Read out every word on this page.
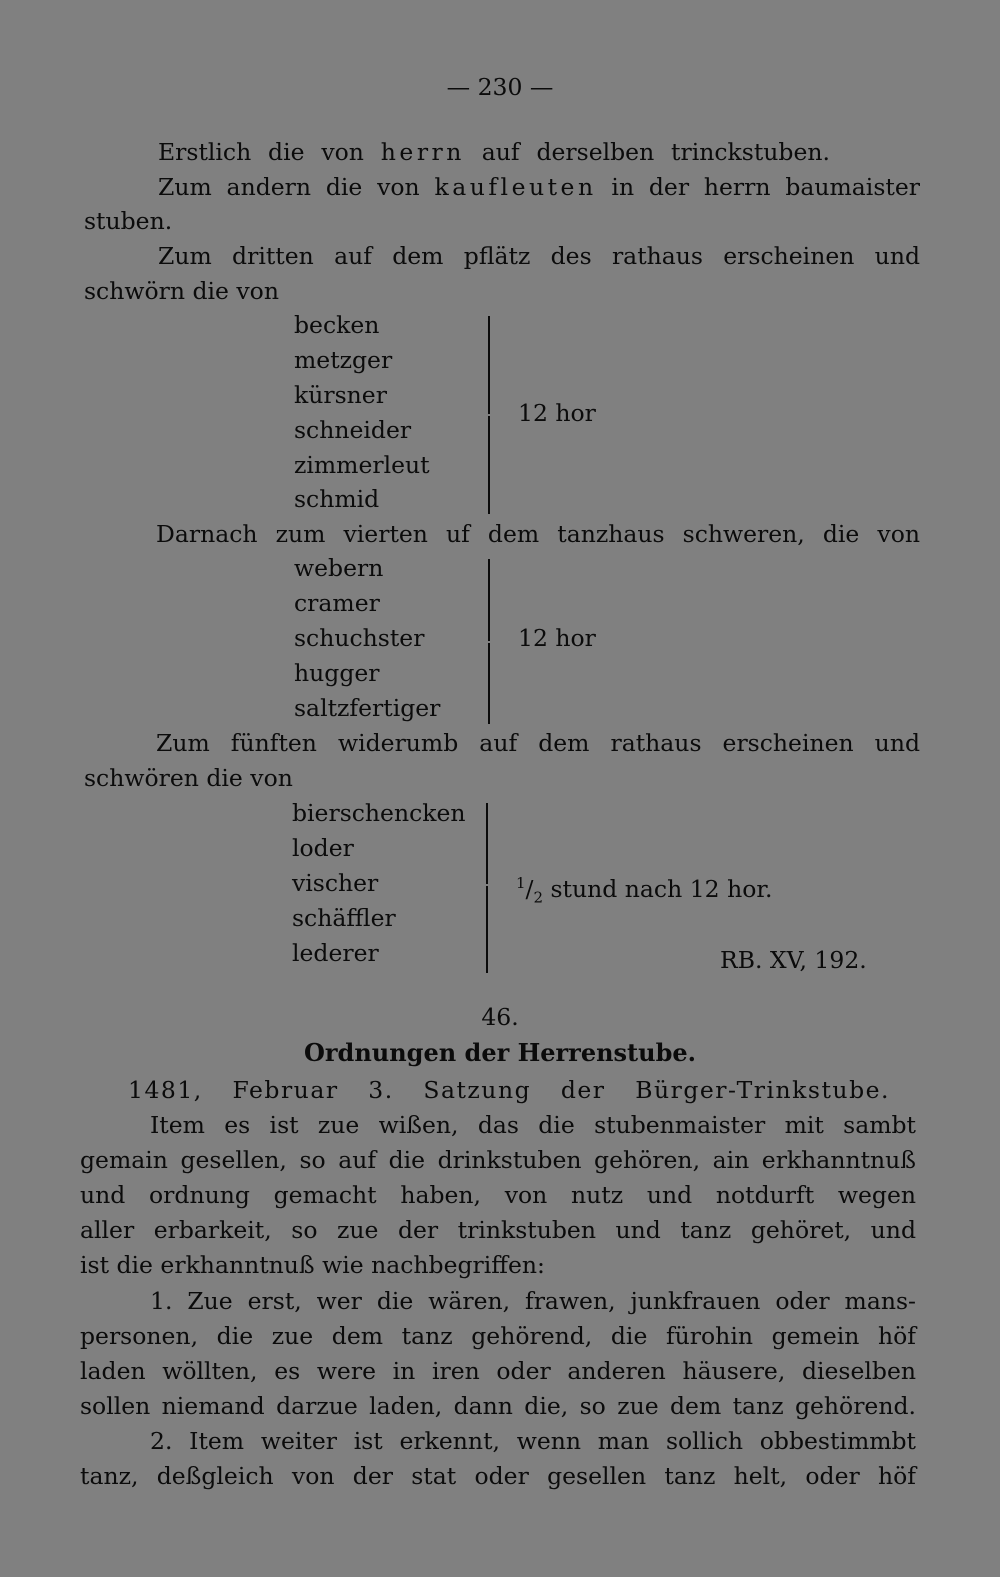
— 230 —
Erstlich die von herrn auf derselben trinckstuben.
Zum andern die von kaufleuten in der herrn baumaister
stuben.
Zum dritten auf dem pflätz des rathaus erscheinen und
schwörn die von
becken
metzger
kürsner
schneider
zimmerleut
schmid
12 hor
Darnach zum vierten uf dem tanzhaus schweren, die von
webern
cramer
schuchster
hugger
saltzfertiger
12 hor
Zum fünften widerumb auf dem rathaus erscheinen und
schwören die von
bierschencken
loder
vischer
schäffler
lederer
$^1/_2$ stund nach 12 hor.
RB. XV, 192.
46.
Ordnungen der Herrenstube.
1481, Februar 3. Satzung der Bürger-Trinkstube.
Item es ist zue wißen, das die stubenmaister mit sambt
gemain gesellen, so auf die drinkstuben gehören, ain erkhanntnuß
und ordnung gemacht haben, von nutz und notdurft wegen
aller erbarkeit, so zue der trinkstuben und tanz gehöret, und
ist die erkhanntnuß wie nachbegriffen:
1. Zue erst, wer die wären, frawen, junkfrauen oder mans-
personen, die zue dem tanz gehörend, die fürohin gemein höf
laden wöllten, es were in iren oder anderen häusere, dieselben
sollen niemand darzue laden, dann die, so zue dem tanz gehörend.
2. Item weiter ist erkennt, wenn man sollich obbestimmbt
tanz, deßgleich von der stat oder gesellen tanz helt, oder höf
